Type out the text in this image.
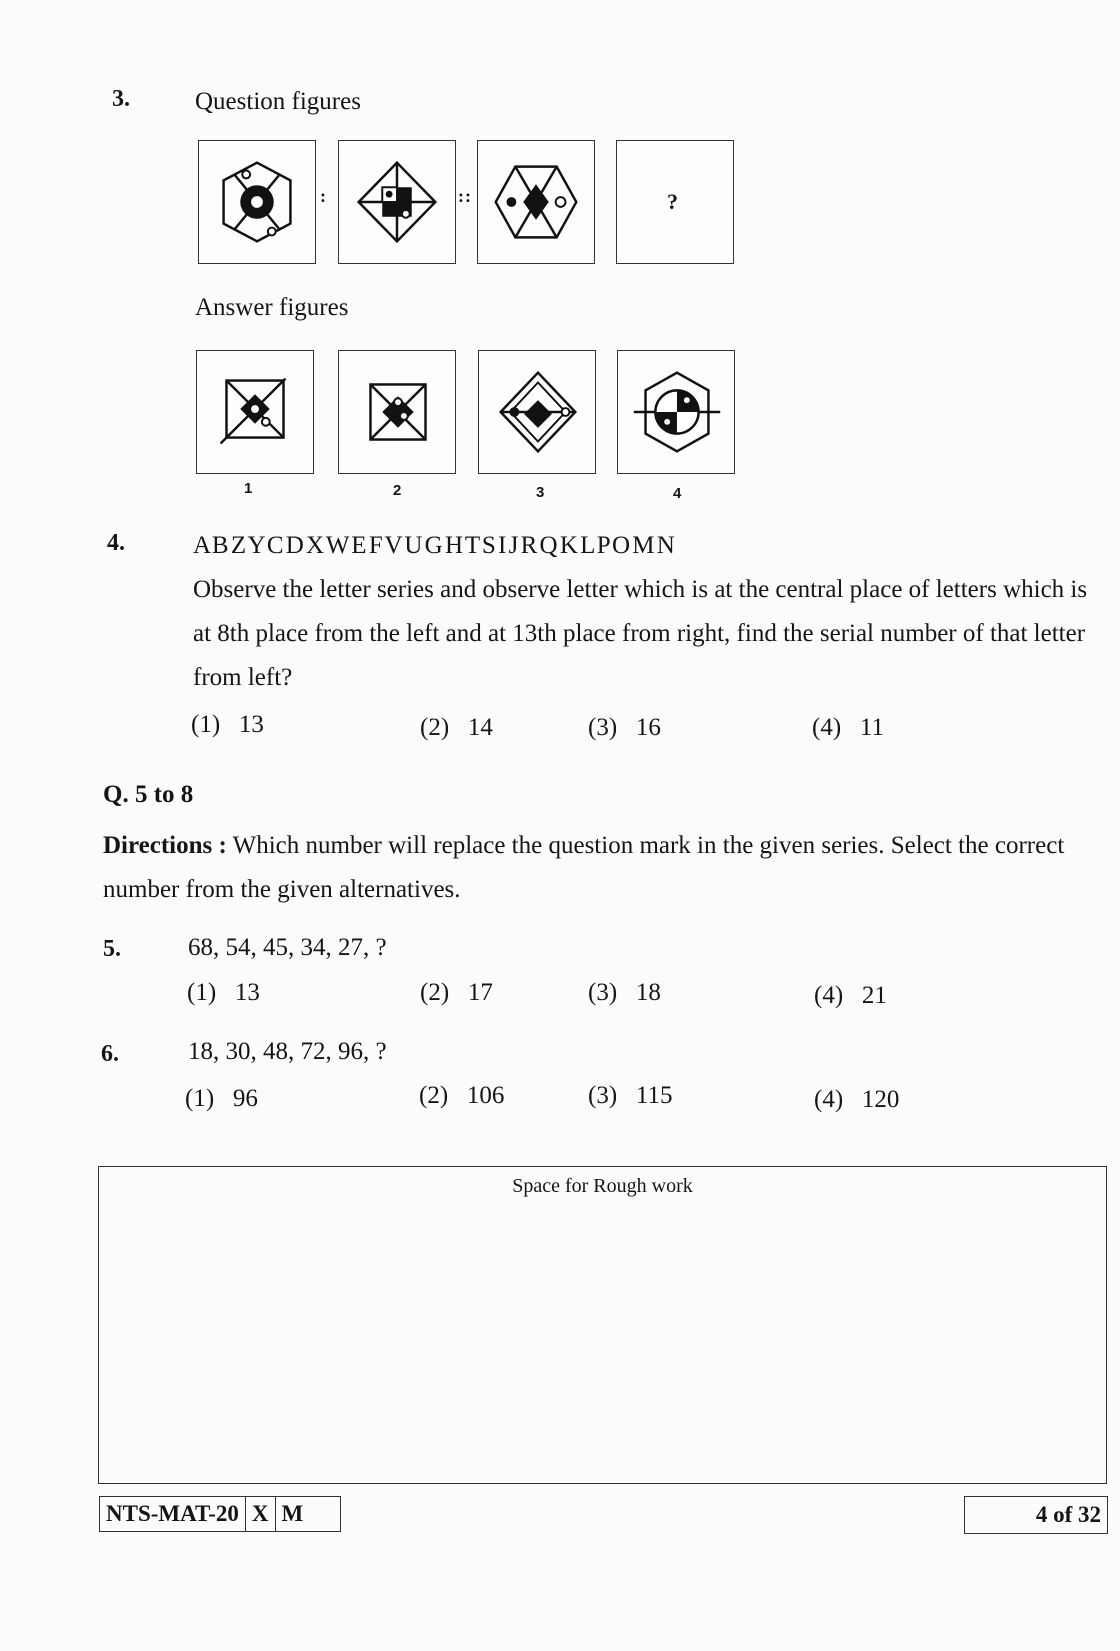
3.	Question figures
:	::	?
Answer figures
1	2	3	4
4.	A B Z Y C D X W E F V U G H T S I J R Q K L P O M N
Observe the letter series and observe letter which is at the central place of letters which is at 8th place from the left and at 13th place from right, find the serial number of that letter from left?
(1)   13	(2)   14	(3)   16	(4)   11
Q. 5 to 8
Directions : Which number will replace the question mark in the given series. Select the correct number from the given alternatives.
5.	68, 54, 45, 34, 27, ?
(1)   13	(2)   17	(3)   18	(4)   21
6.	18, 30, 48, 72, 96, ?
(1)   96	(2)   106	(3)   115	(4)   120
Space for Rough work
NTS-MAT-20 X M	4 of 32
